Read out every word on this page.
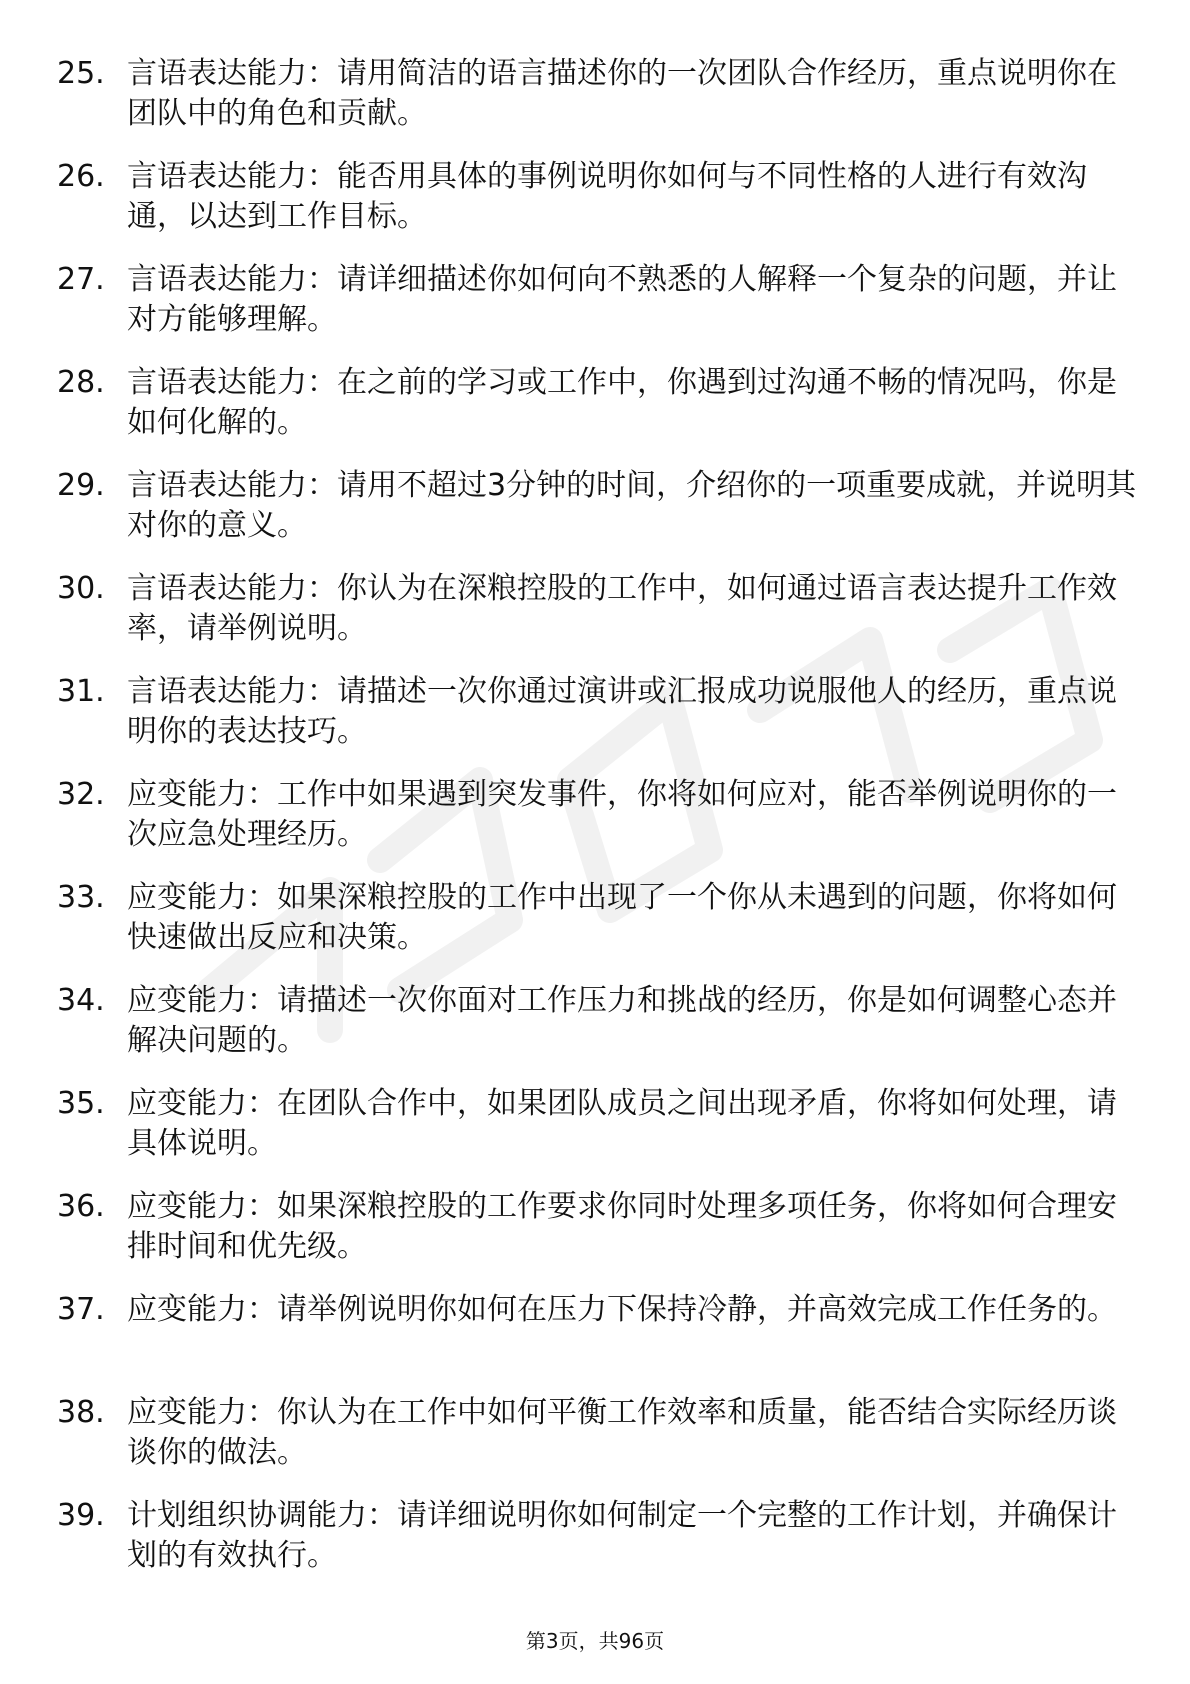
25. 言语表达能力：请用简洁的语言描述你的一次团队合作经历，重点说明你在团队中的角色和贡献。
26. 言语表达能力：能否用具体的事例说明你如何与不同性格的人进行有效沟通，以达到工作目标。
27. 言语表达能力：请详细描述你如何向不熟悉的人解释一个复杂的问题，并让对方能够理解。
28. 言语表达能力：在之前的学习或工作中，你遇到过沟通不畅的情况吗，你是如何化解的。
29. 言语表达能力：请用不超过3分钟的时间，介绍你的一项重要成就，并说明其对你的意义。
30. 言语表达能力：你认为在深粮控股的工作中，如何通过语言表达提升工作效率，请举例说明。
31. 言语表达能力：请描述一次你通过演讲或汇报成功说服他人的经历，重点说明你的表达技巧。
32. 应变能力：工作中如果遇到突发事件，你将如何应对，能否举例说明你的一次应急处理经历。
33. 应变能力：如果深粮控股的工作中出现了一个你从未遇到的问题，你将如何快速做出反应和决策。
34. 应变能力：请描述一次你面对工作压力和挑战的经历，你是如何调整心态并解决问题的。
35. 应变能力：在团队合作中，如果团队成员之间出现矛盾，你将如何处理，请具体说明。
36. 应变能力：如果深粮控股的工作要求你同时处理多项任务，你将如何合理安排时间和优先级。
37. 应变能力：请举例说明你如何在压力下保持冷静，并高效完成工作任务的。
38. 应变能力：你认为在工作中如何平衡工作效率和质量，能否结合实际经历谈谈你的做法。
39. 计划组织协调能力：请详细说明你如何制定一个完整的工作计划，并确保计划的有效执行。
第3页，共96页
